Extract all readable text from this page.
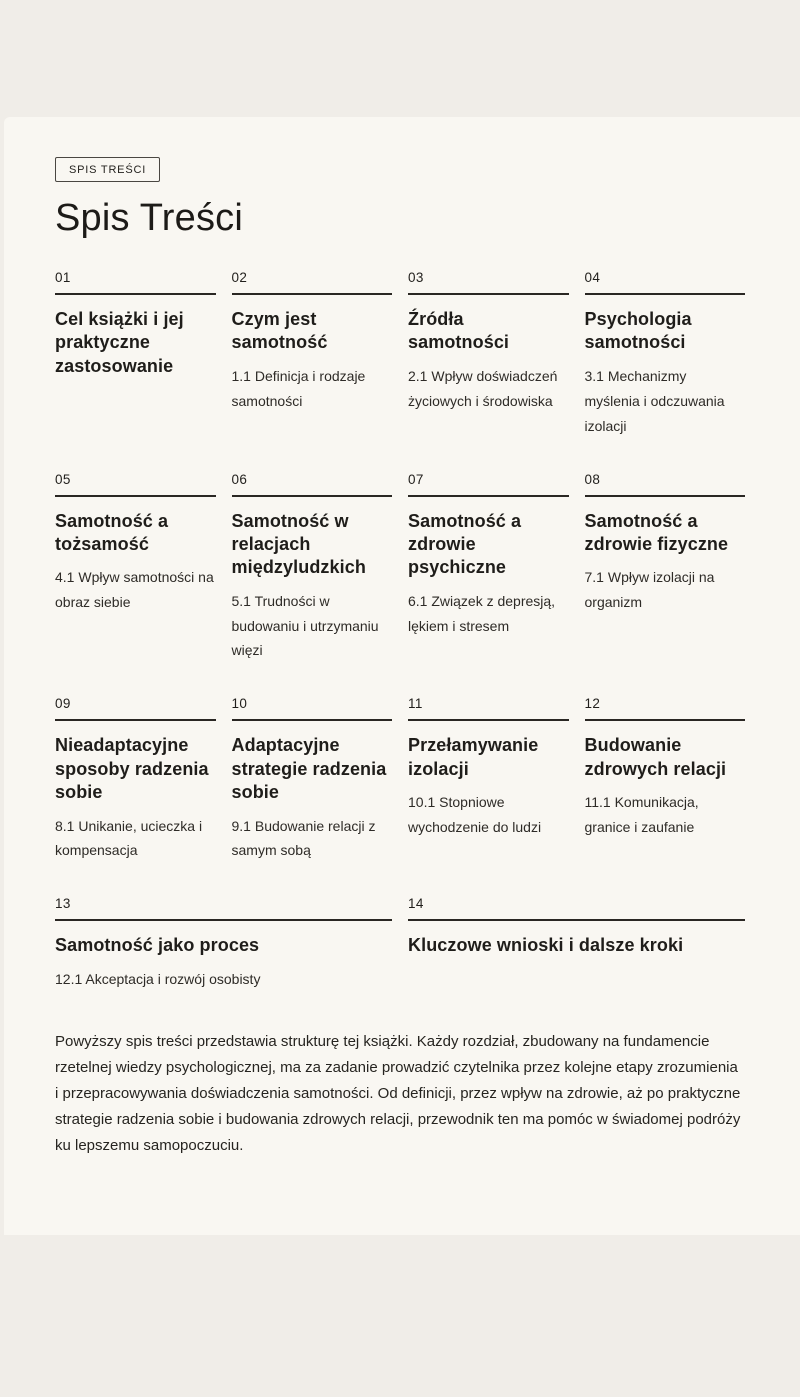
SPIS TREŚCI
Spis Treści
01
Cel książki i jej praktyczne zastosowanie
02
Czym jest samotność
1.1 Definicja i rodzaje samotności
03
Źródła samotności
2.1 Wpływ doświadczeń życiowych i środowiska
04
Psychologia samotności
3.1 Mechanizmy myślenia i odczuwania izolacji
05
Samotność a tożsamość
4.1 Wpływ samotności na obraz siebie
06
Samotność w relacjach międzyludzkich
5.1 Trudności w budowaniu i utrzymaniu więzi
07
Samotność a zdrowie psychiczne
6.1 Związek z depresją, lękiem i stresem
08
Samotność a zdrowie fizyczne
7.1 Wpływ izolacji na organizm
09
Nieadaptacyjne sposoby radzenia sobie
8.1 Unikanie, ucieczka i kompensacja
10
Adaptacyjne strategie radzenia sobie
9.1 Budowanie relacji z samym sobą
11
Przełamywanie izolacji
10.1 Stopniowe wychodzenie do ludzi
12
Budowanie zdrowych relacji
11.1 Komunikacja, granice i zaufanie
13
Samotność jako proces
12.1 Akceptacja i rozwój osobisty
14
Kluczowe wnioski i dalsze kroki

Powyższy spis treści przedstawia strukturę tej książki. Każdy rozdział, zbudowany na fundamencie rzetelnej wiedzy psychologicznej, ma za zadanie prowadzić czytelnika przez kolejne etapy zrozumienia i przepracowywania doświadczenia samotności. Od definicji, przez wpływ na zdrowie, aż po praktyczne strategie radzenia sobie i budowania zdrowych relacji, przewodnik ten ma pomóc w świadomej podróży ku lepszemu samopoczuciu.
